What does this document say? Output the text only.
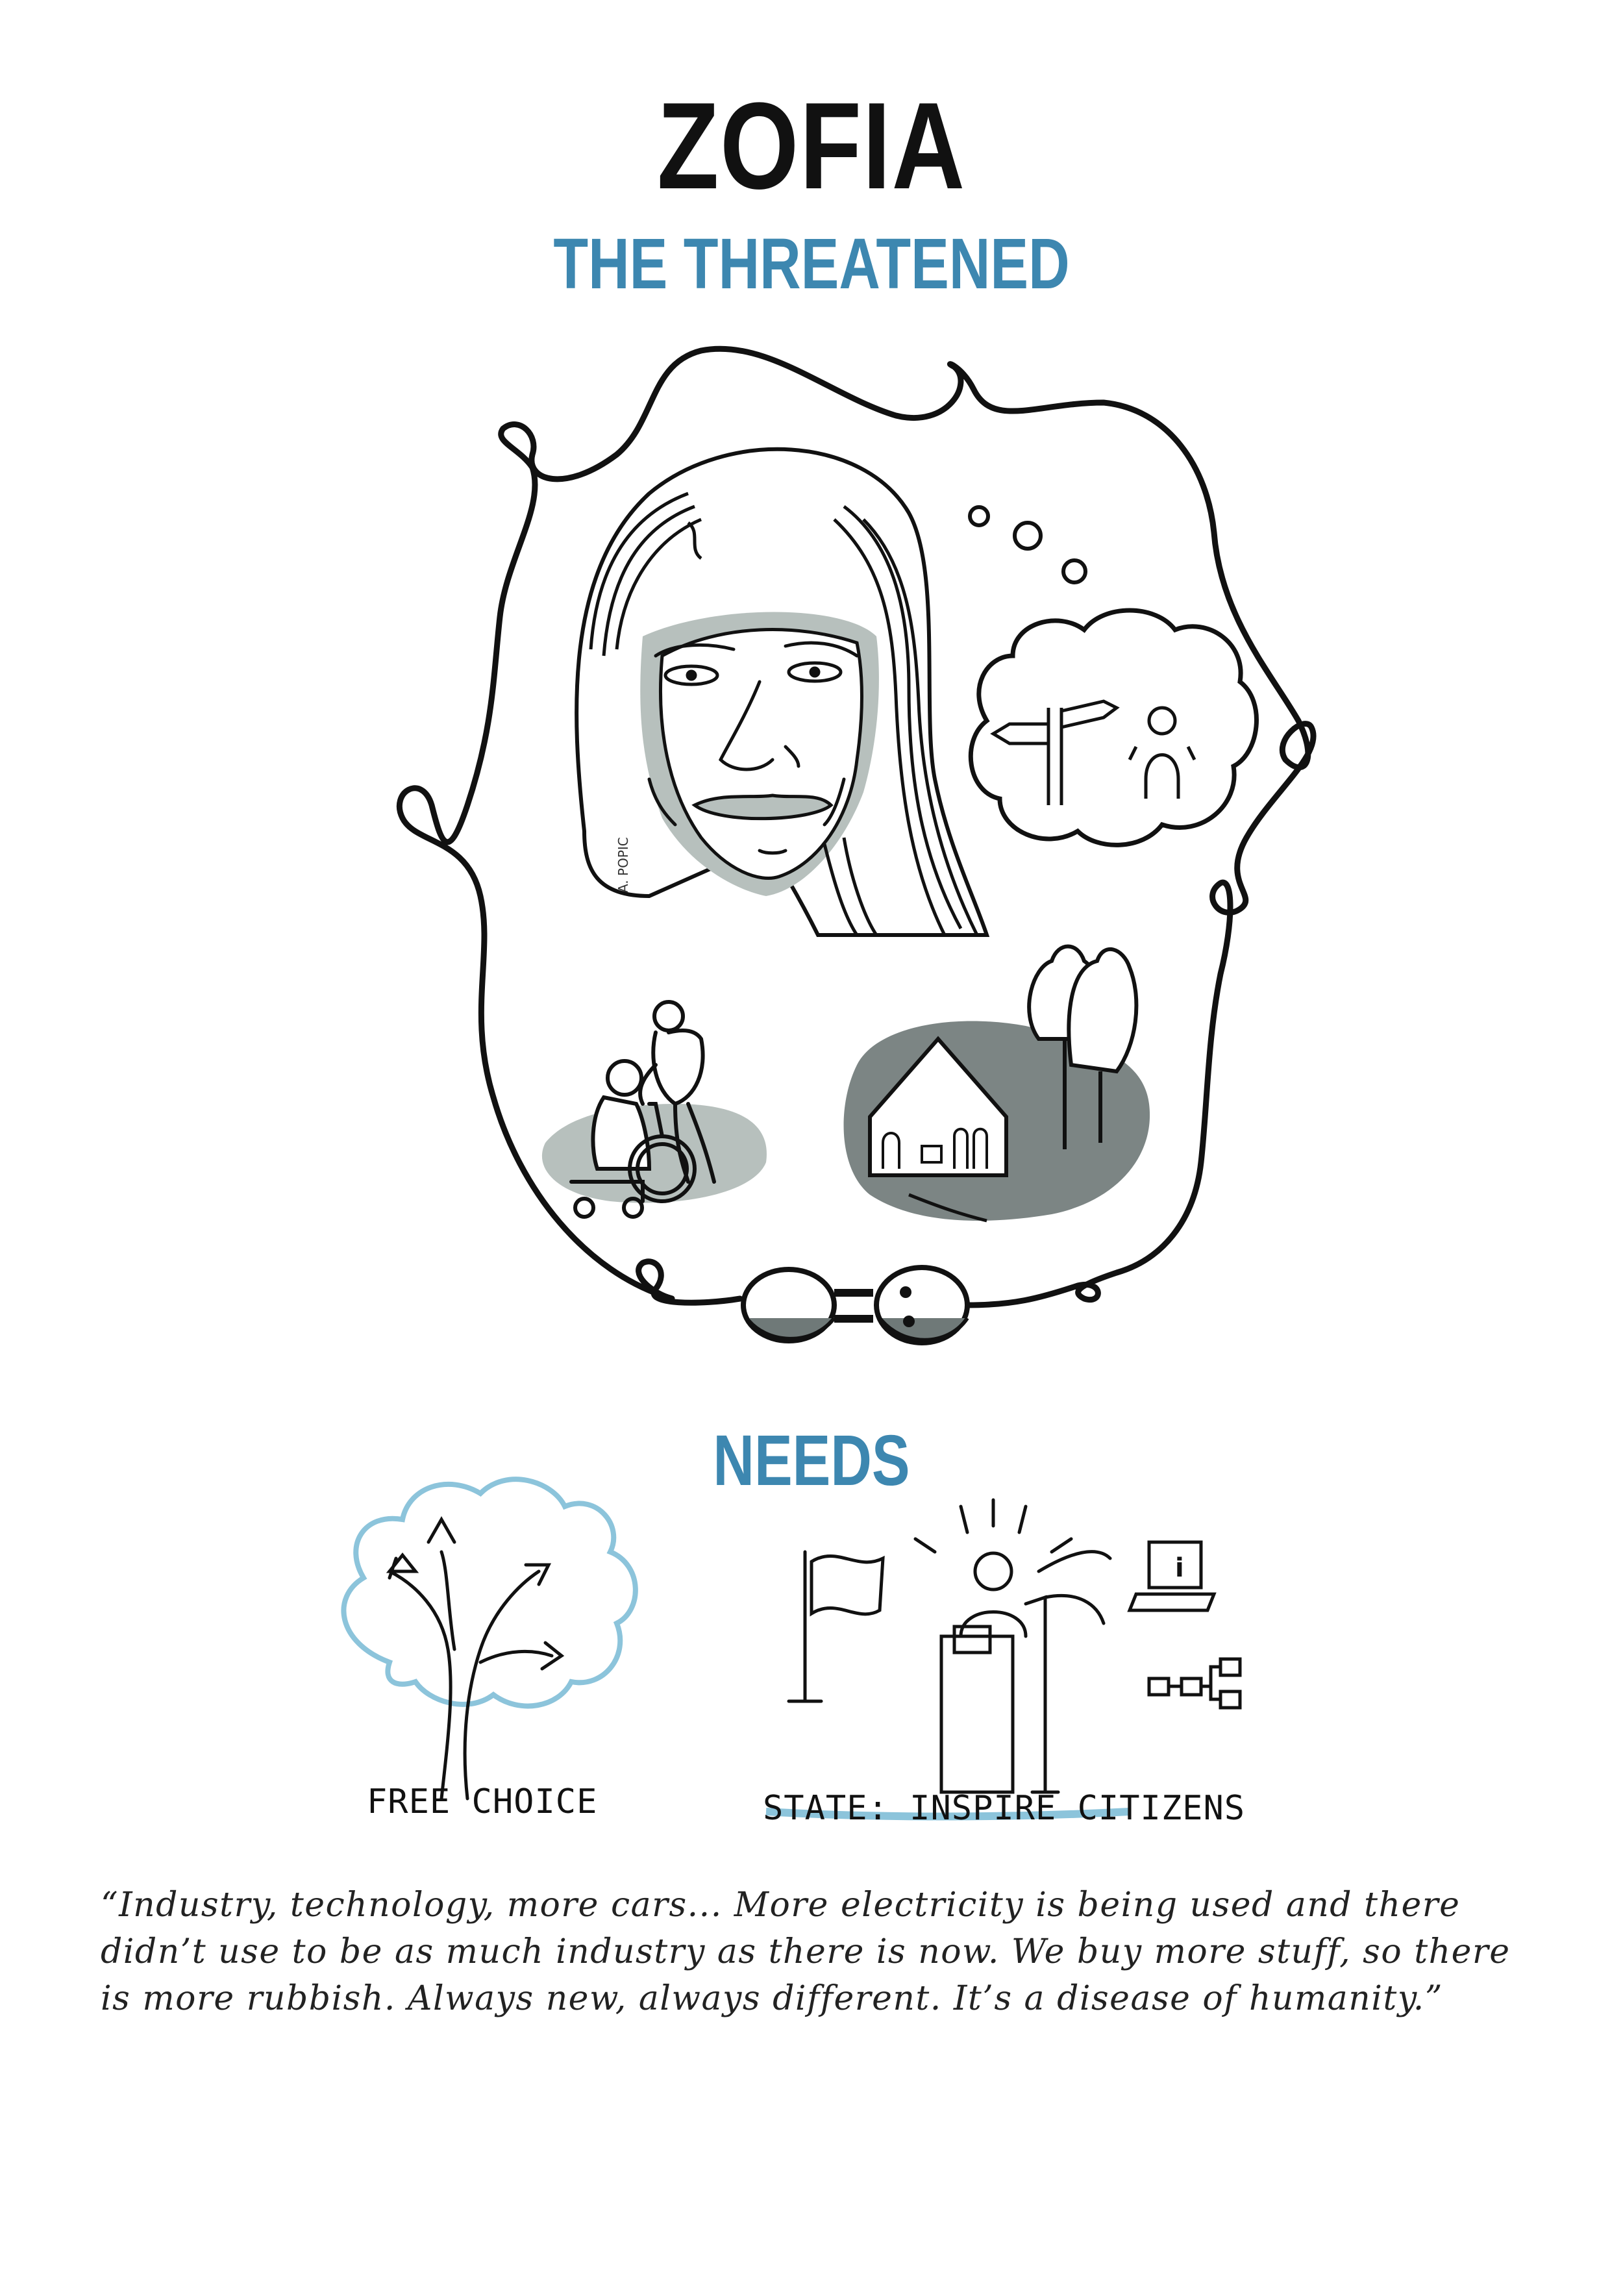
ZOFIA
THE THREATENED
A. POPIC
NEEDS
i
FREE CHOICE	STATE: INSPIRE CITIZENS
“Industry, technology, more cars... More electricity is being used and there didn’t use to be as much industry as there is now. We buy more stuff, so there is more rubbish. Always new, always different. It’s a disease of humanity.”
